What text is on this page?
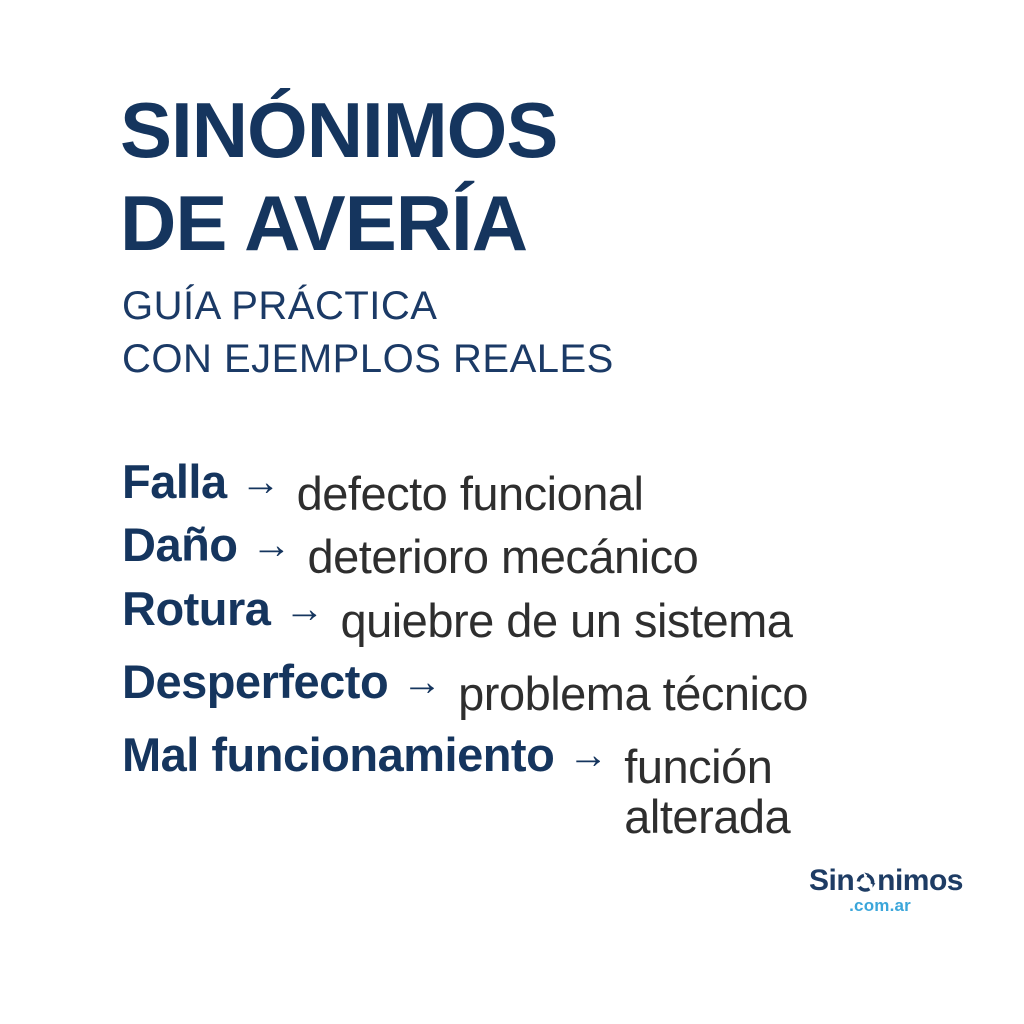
SINÓNIMOS
DE AVERÍA
GUÍA PRÁCTICA
CON EJEMPLOS REALES
Falla → defecto funcional
Daño → deterioro mecánico
Rotura → quiebre de un sistema
Desperfecto → problema técnico
Mal funcionamiento → función alterada
Sin nimos
.com.ar
